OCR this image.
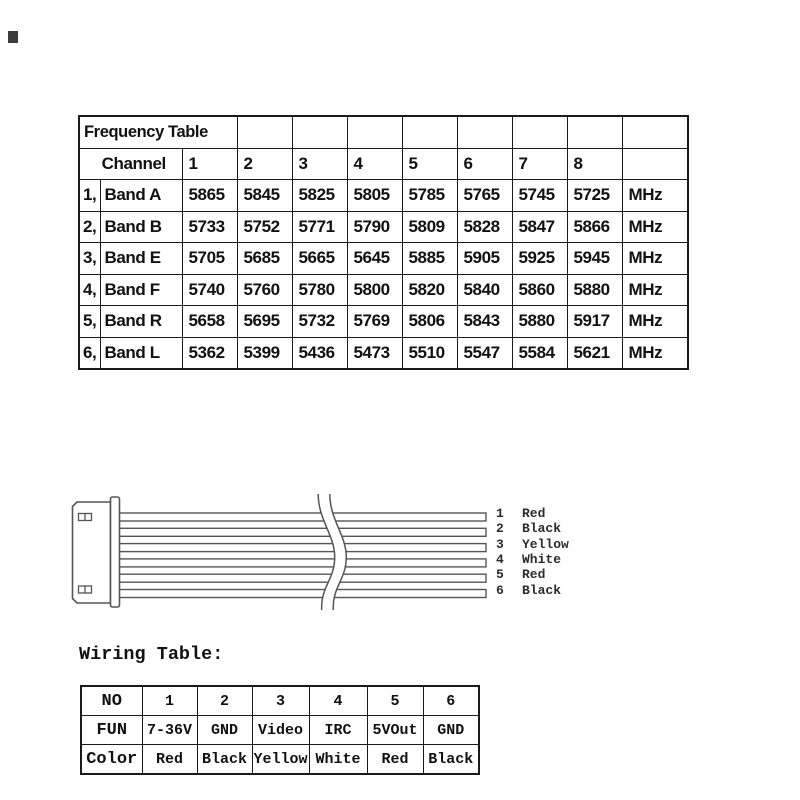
Frequency Table										
Channel		1	2	3	4	5	6	7	8	
1,	Band A	5865	5845	5825	5805	5785	5765	5745	5725	MHz
2,	Band B	5733	5752	5771	5790	5809	5828	5847	5866	MHz
3,	Band E	5705	5685	5665	5645	5885	5905	5925	5945	MHz
4,	Band F	5740	5760	5780	5800	5820	5840	5860	5880	MHz
5,	Band R	5658	5695	5732	5769	5806	5843	5880	5917	MHz
6,	Band L	5362	5399	5436	5473	5510	5547	5584	5621	MHz
1	Red
2	Black
3	Yellow
4	White
5	Red
6	Black
Wiring Table:
NO	1	2	3	4	5	6
FUN	7-36V	GND	Video	IRC	5VOut	GND
Color	Red	Black	Yellow	White	Red	Black
